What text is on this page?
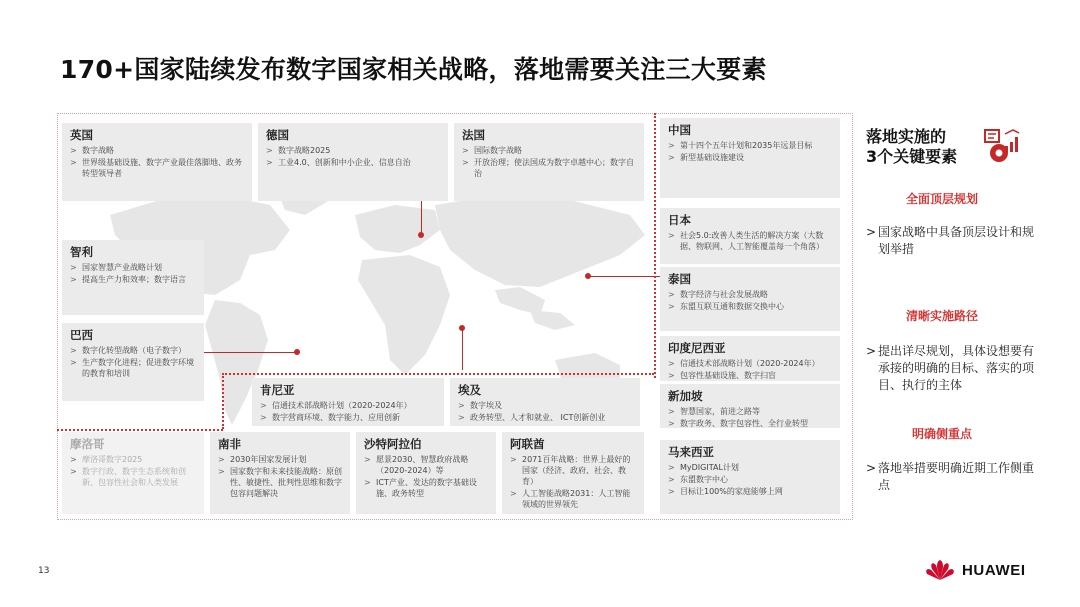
170+国家陆续发布数字国家相关战略，落地需要关注三大要素
英国
> 数字战略
> 世界级基础设施、数字产业最佳落脚地、政务转型领导者
德国
> 数字战略2025
> 工业4.0、创新和中小企业、信息自治
法国
> 国际数字战略
> 开放治理；使法国成为数字卓越中心；数字自治
中国
> 第十四个五年计划和2035年远景目标
> 新型基础设施建设
日本
> 社会5.0:改善人类生活的解决方案（大数据、物联网、人工智能覆盖每一个角落）
泰国
> 数字经济与社会发展战略
> 东盟互联互通和数据交换中心
智利
> 国家智慧产业战略计划
> 提高生产力和效率；数字语言
巴西
> 数字化转型战略（电子数字）
> 生产数字化进程；促进数字环境的教育和培训
印度尼西亚
> 信通技术部战略计划（2020-2024年）
> 包容性基础设施、数字扫盲
肯尼亚
> 信通技术部战略计划（2020-2024年）
> 数字营商环境、数字能力、应用创新
埃及
> 数字埃及
> 政务转型、人才和就业、 ICT创新创业
新加坡
> 智慧国家，前进之路等
> 数字政务、数字包容性、全行业转型
摩洛哥
> 摩洛哥数字2025
> 数字行政、数字生态系统和创新、包容性社会和人类发展
南非
> 2030年国家发展计划
> 国家数字和未来技能战略：原创性、敏捷性、批判性思维和数字包容问题解决
沙特阿拉伯
> 愿景2030、智慧政府战略（2020-2024）等
> ICT产业、发达的数字基础设施、政务转型
阿联酋
> 2071百年战略：世界上最好的国家（经济、政府、社会、教育）
> 人工智能战略2031：人工智能领域的世界领先
马来西亚
> MyDIGITAL计划
> 东盟数字中心
> 目标让100%的家庭能够上网
落地实施的
3个关键要素
全面顶层规划
> 国家战略中具备顶层设计和规划举措
清晰实施路径
> 提出详尽规划，具体设想要有承接的明确的目标、落实的项目、执行的主体
明确侧重点
> 落地举措要明确近期工作侧重点
13	HUAWEI
